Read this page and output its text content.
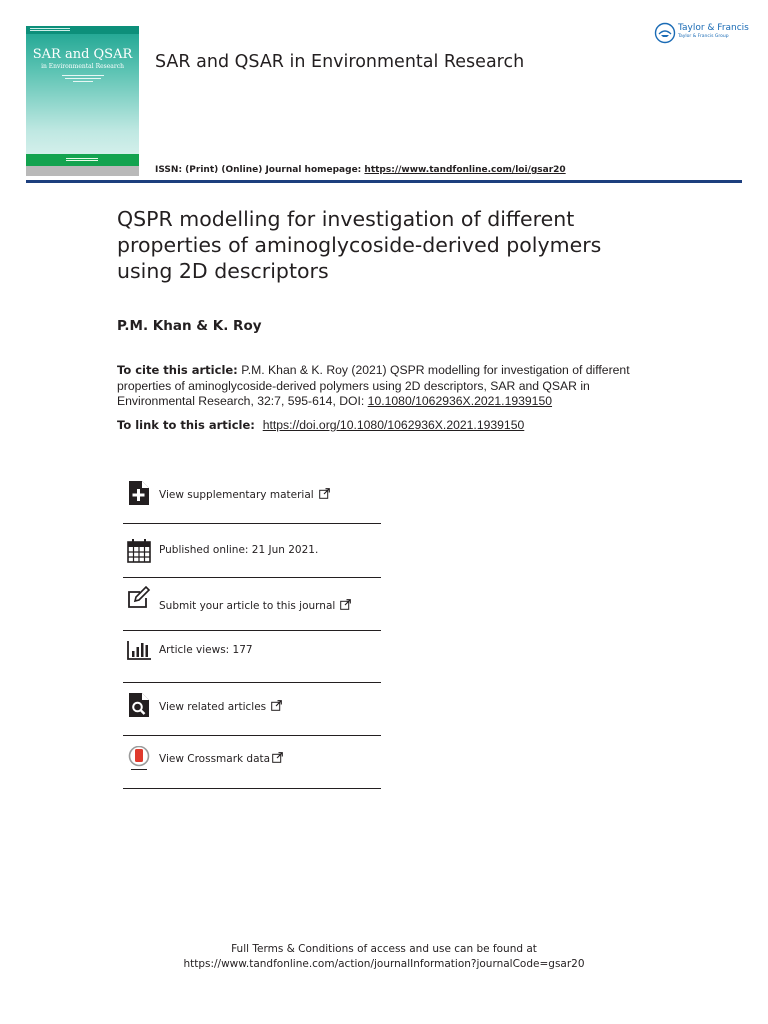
SAR and QSAR
in Environmental Research	SAR and QSAR in Environmental Research
Taylor & Francis
Taylor & Francis Group
ISSN: (Print) (Online) Journal homepage: https://www.tandfonline.com/loi/gsar20
QSPR modelling for investigation of different properties of aminoglycoside-derived polymers using 2D descriptors
P.M. Khan & K. Roy
To cite this article: P.M. Khan & K. Roy (2021) QSPR modelling for investigation of different properties of aminoglycoside-derived polymers using 2D descriptors, SAR and QSAR in Environmental Research, 32:7, 595-614, DOI: 10.1080/1062936X.2021.1939150
To link to this article: https://doi.org/10.1080/1062936X.2021.1939150
View supplementary material
Published online: 21 Jun 2021.
Submit your article to this journal
Article views: 177
View related articles
View Crossmark data
Full Terms & Conditions of access and use can be found at
https://www.tandfonline.com/action/journalInformation?journalCode=gsar20
